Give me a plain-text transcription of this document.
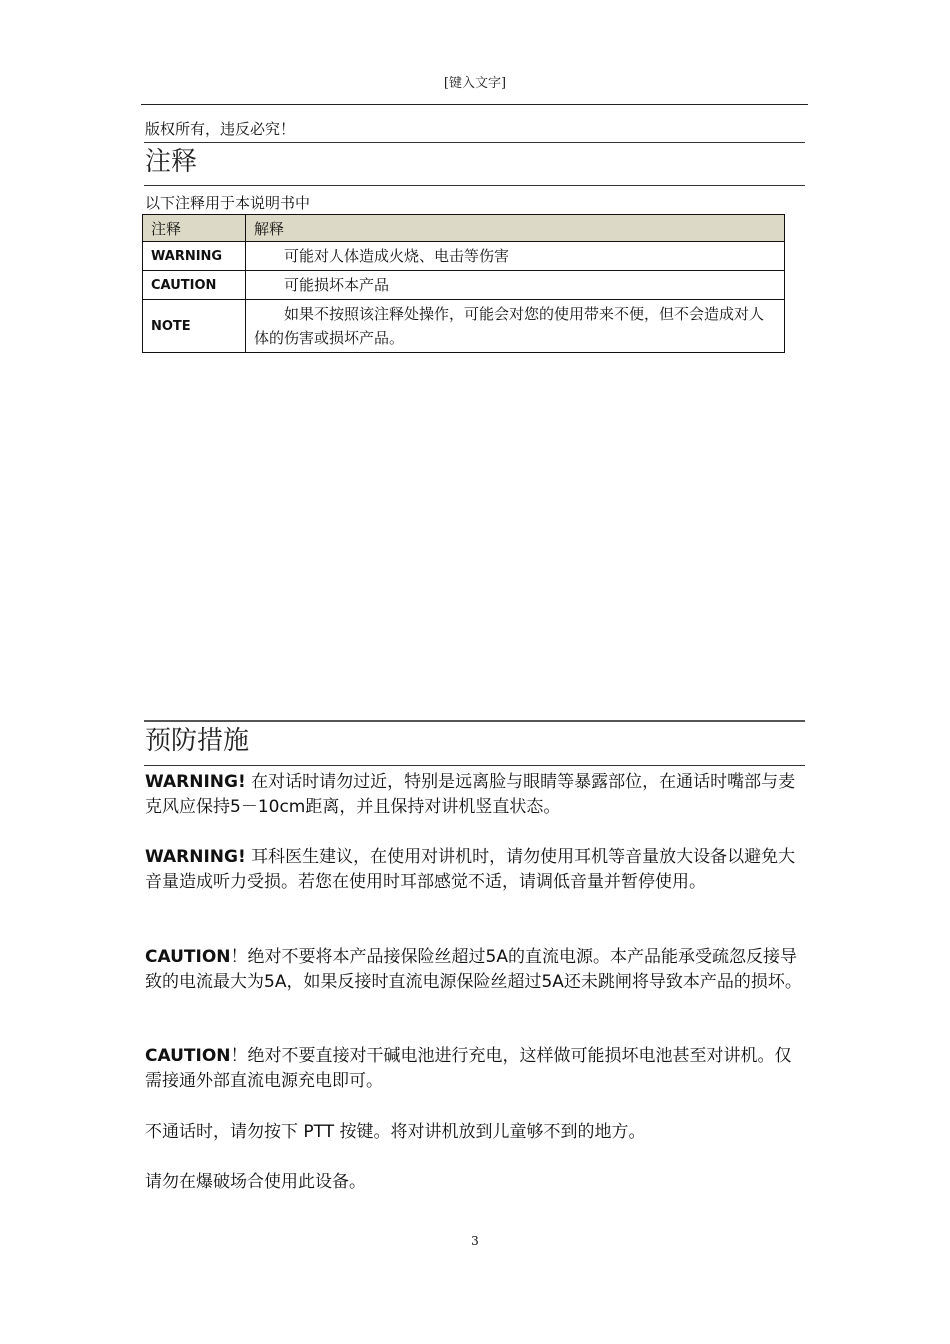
[键入文字]
版权所有，违反必究！
注释
以下注释用于本说明书中
注释	解释
WARNING	可能对人体造成火烧、电击等伤害
CAUTION	可能损坏本产品
NOTE	如果不按照该注释处操作，可能会对您的使用带来不便，但不会造成对人体的伤害或损坏产品。
预防措施
WARNING! 在对话时请勿过近，特别是远离脸与眼睛等暴露部位，在通话时嘴部与麦克风应保持5－10cm距离，并且保持对讲机竖直状态。
WARNING! 耳科医生建议，在使用对讲机时，请勿使用耳机等音量放大设备以避免大音量造成听力受损。若您在使用时耳部感觉不适，请调低音量并暂停使用。
CAUTION！绝对不要将本产品接保险丝超过5A的直流电源。本产品能承受疏忽反接导致的电流最大为5A，如果反接时直流电源保险丝超过5A还未跳闸将导致本产品的损坏。
CAUTION！绝对不要直接对干碱电池进行充电，这样做可能损坏电池甚至对讲机。仅需接通外部直流电源充电即可。
不通话时，请勿按下 PTT 按键。将对讲机放到儿童够不到的地方。
请勿在爆破场合使用此设备。
3
